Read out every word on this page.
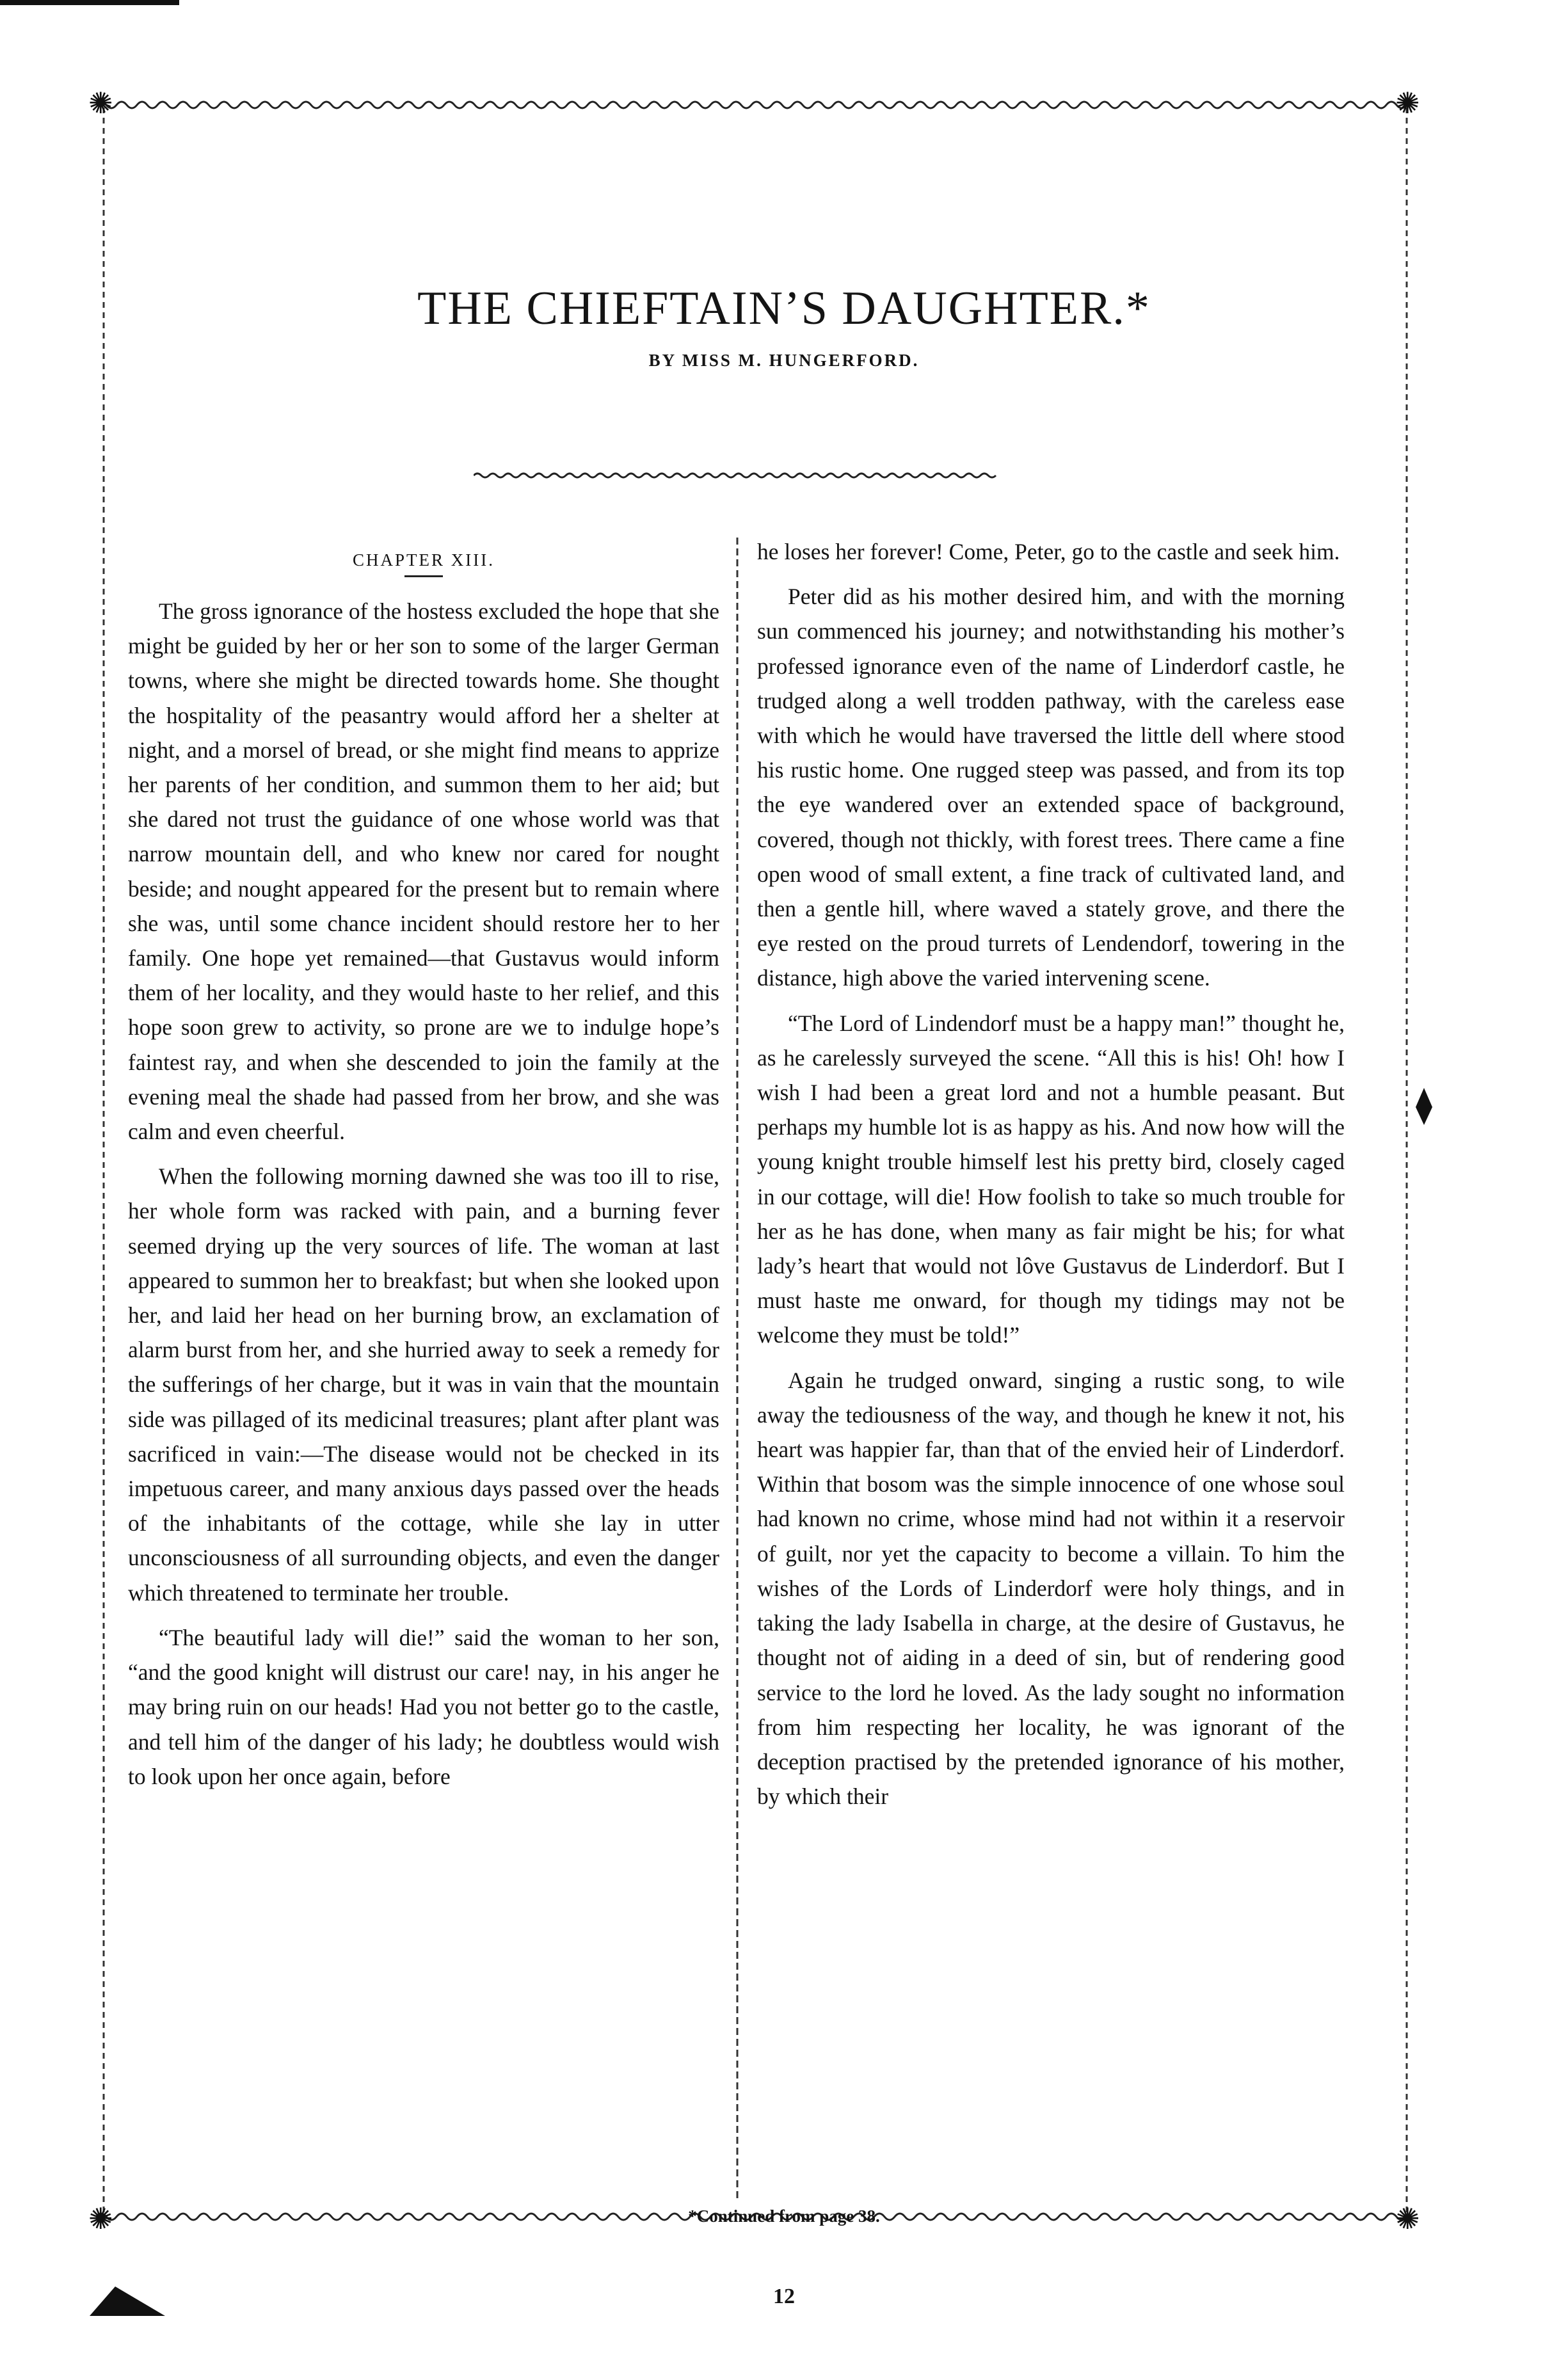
✺	✺
✺	✺
THE CHIEFTAIN’S DAUGHTER.*
BY MISS M. HUNGERFORD.
CHAPTER XIII.

The gross ignorance of the hostess excluded the hope that she might be guided by her or her son to some of the larger German towns, where she might be directed towards home. She thought the hospitality of the peasantry would afford her a shelter at night, and a morsel of bread, or she might find means to apprize her parents of her condition, and summon them to her aid; but she dared not trust the guidance of one whose world was that narrow mountain dell, and who knew nor cared for nought beside; and nought appeared for the present but to remain where she was, until some chance incident should restore her to her family. One hope yet remained—that Gustavus would inform them of her locality, and they would haste to her relief, and this hope soon grew to activity, so prone are we to indulge hope’s faintest ray, and when she descended to join the family at the evening meal the shade had passed from her brow, and she was calm and even cheerful.

When the following morning dawned she was too ill to rise, her whole form was racked with pain, and a burning fever seemed drying up the very sources of life. The woman at last appeared to summon her to breakfast; but when she looked upon her, and laid her head on her burning brow, an exclamation of alarm burst from her, and she hurried away to seek a remedy for the sufferings of her charge, but it was in vain that the mountain side was pillaged of its medicinal treasures; plant after plant was sacrificed in vain:—The disease would not be checked in its impetuous career, and many anxious days passed over the heads of the inhabitants of the cottage, while she lay in utter unconsciousness of all surrounding objects, and even the danger which threatened to terminate her trouble.

“The beautiful lady will die!” said the woman to her son, “and the good knight will distrust our care! nay, in his anger he may bring ruin on our heads! Had you not better go to the castle, and tell him of the danger of his lady; he doubtless would wish to look upon her once again, before

he loses her forever! Come, Peter, go to the castle and seek him.

Peter did as his mother desired him, and with the morning sun commenced his journey; and notwithstanding his mother’s professed ignorance even of the name of Linderdorf castle, he trudged along a well trodden pathway, with the careless ease with which he would have traversed the little dell where stood his rustic home. One rugged steep was passed, and from its top the eye wandered over an extended space of background, covered, though not thickly, with forest trees. There came a fine open wood of small extent, a fine track of cultivated land, and then a gentle hill, where waved a stately grove, and there the eye rested on the proud turrets of Lendendorf, towering in the distance, high above the varied intervening scene.

“The Lord of Lindendorf must be a happy man!” thought he, as he carelessly surveyed the scene. “All this is his! Oh! how I wish I had been a great lord and not a humble peasant. But perhaps my humble lot is as happy as his. And now how will the young knight trouble himself lest his pretty bird, closely caged in our cottage, will die! How foolish to take so much trouble for her as he has done, when many as fair might be his; for what lady’s heart that would not lôve Gustavus de Linderdorf. But I must haste me onward, for though my tidings may not be welcome they must be told!”

Again he trudged onward, singing a rustic song, to wile away the tediousness of the way, and though he knew it not, his heart was happier far, than that of the envied heir of Linderdorf. Within that bosom was the simple innocence of one whose soul had known no crime, whose mind had not within it a reservoir of guilt, nor yet the capacity to become a villain. To him the wishes of the Lords of Linderdorf were holy things, and in taking the lady Isabella in charge, at the desire of Gustavus, he thought not of aiding in a deed of sin, but of rendering good service to the lord he loved. As the lady sought no information from him respecting her locality, he was ignorant of the deception practised by the pretended ignorance of his mother, by which their

*Continued from page 38.
12
